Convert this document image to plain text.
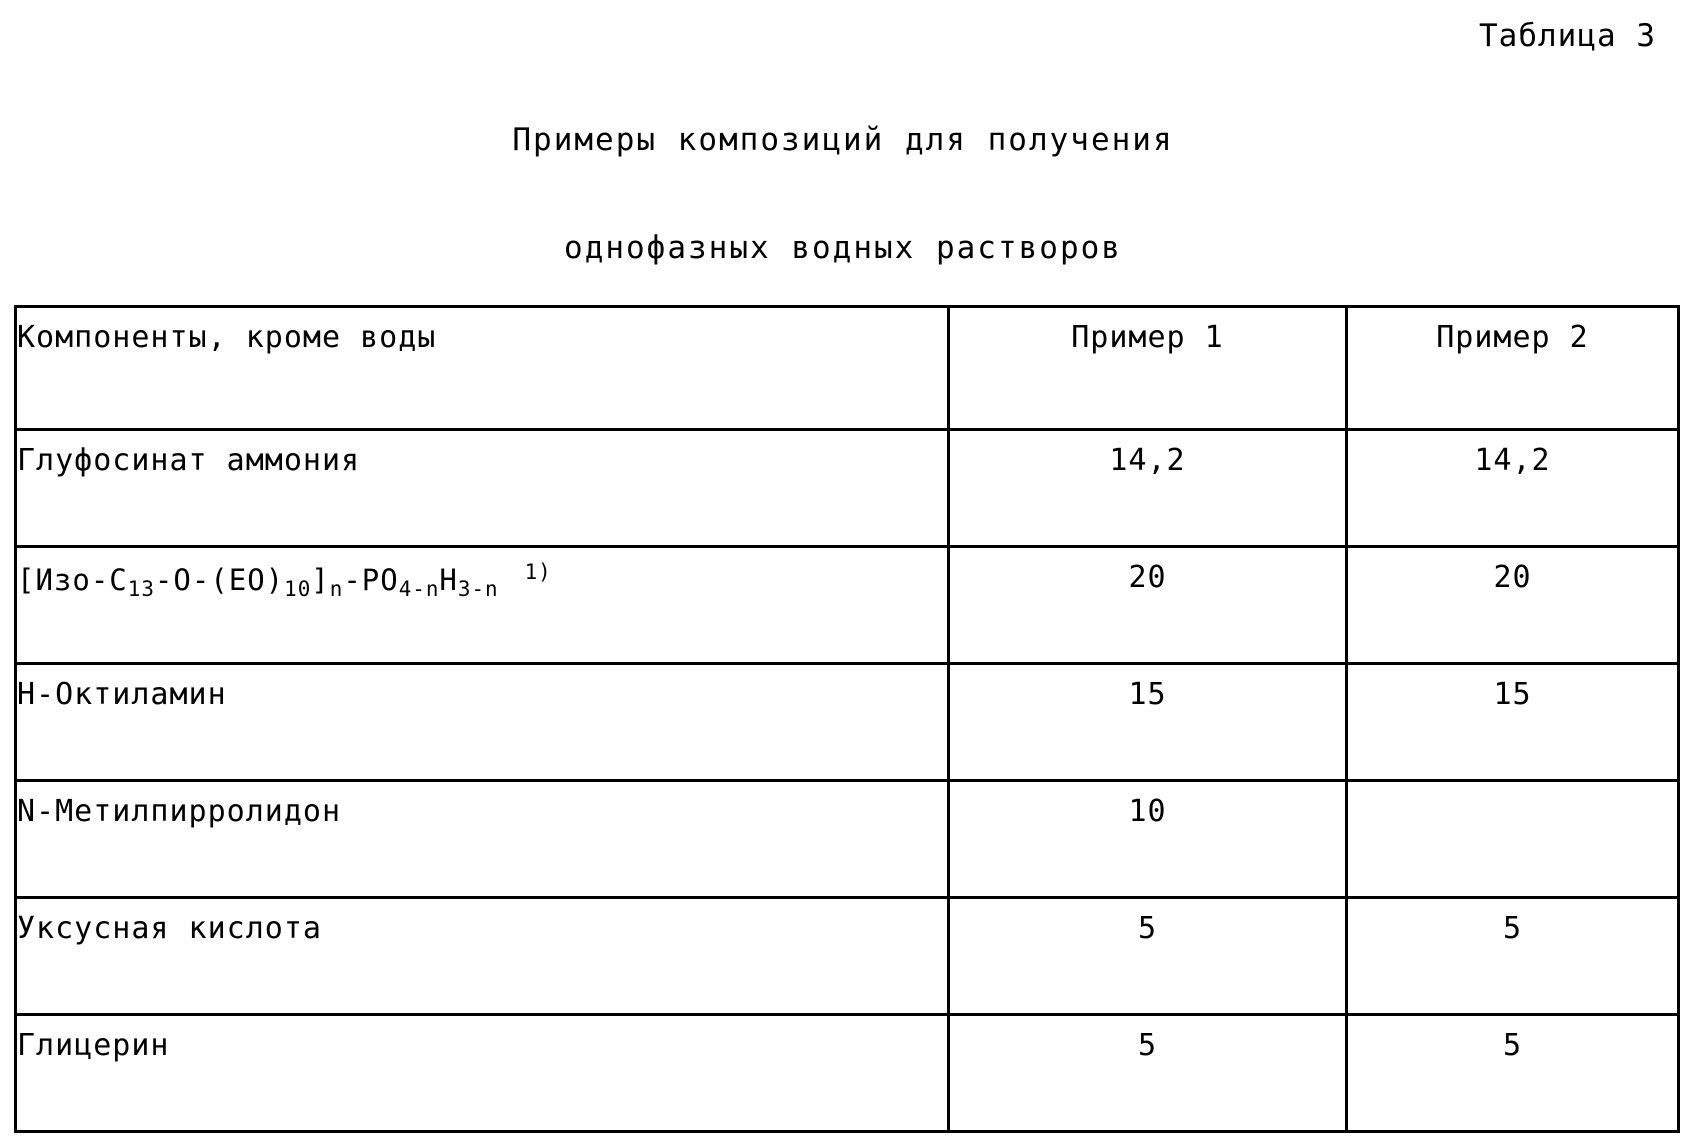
Таблица 3
Примеры композиций для получения
однофазных водных растворов
Компоненты, кроме воды	Пример 1	Пример 2
Глуфосинат аммония	14,2	14,2
$[Изо-C_{13}-O-(EO)_{10}]_n-PO_{4-n}H_{3-n}^{1)}$	20	20
H-Октиламин	15	15
N-Метилпирролидон	10	
Уксусная кислота	5	5
Глицерин	5	5
